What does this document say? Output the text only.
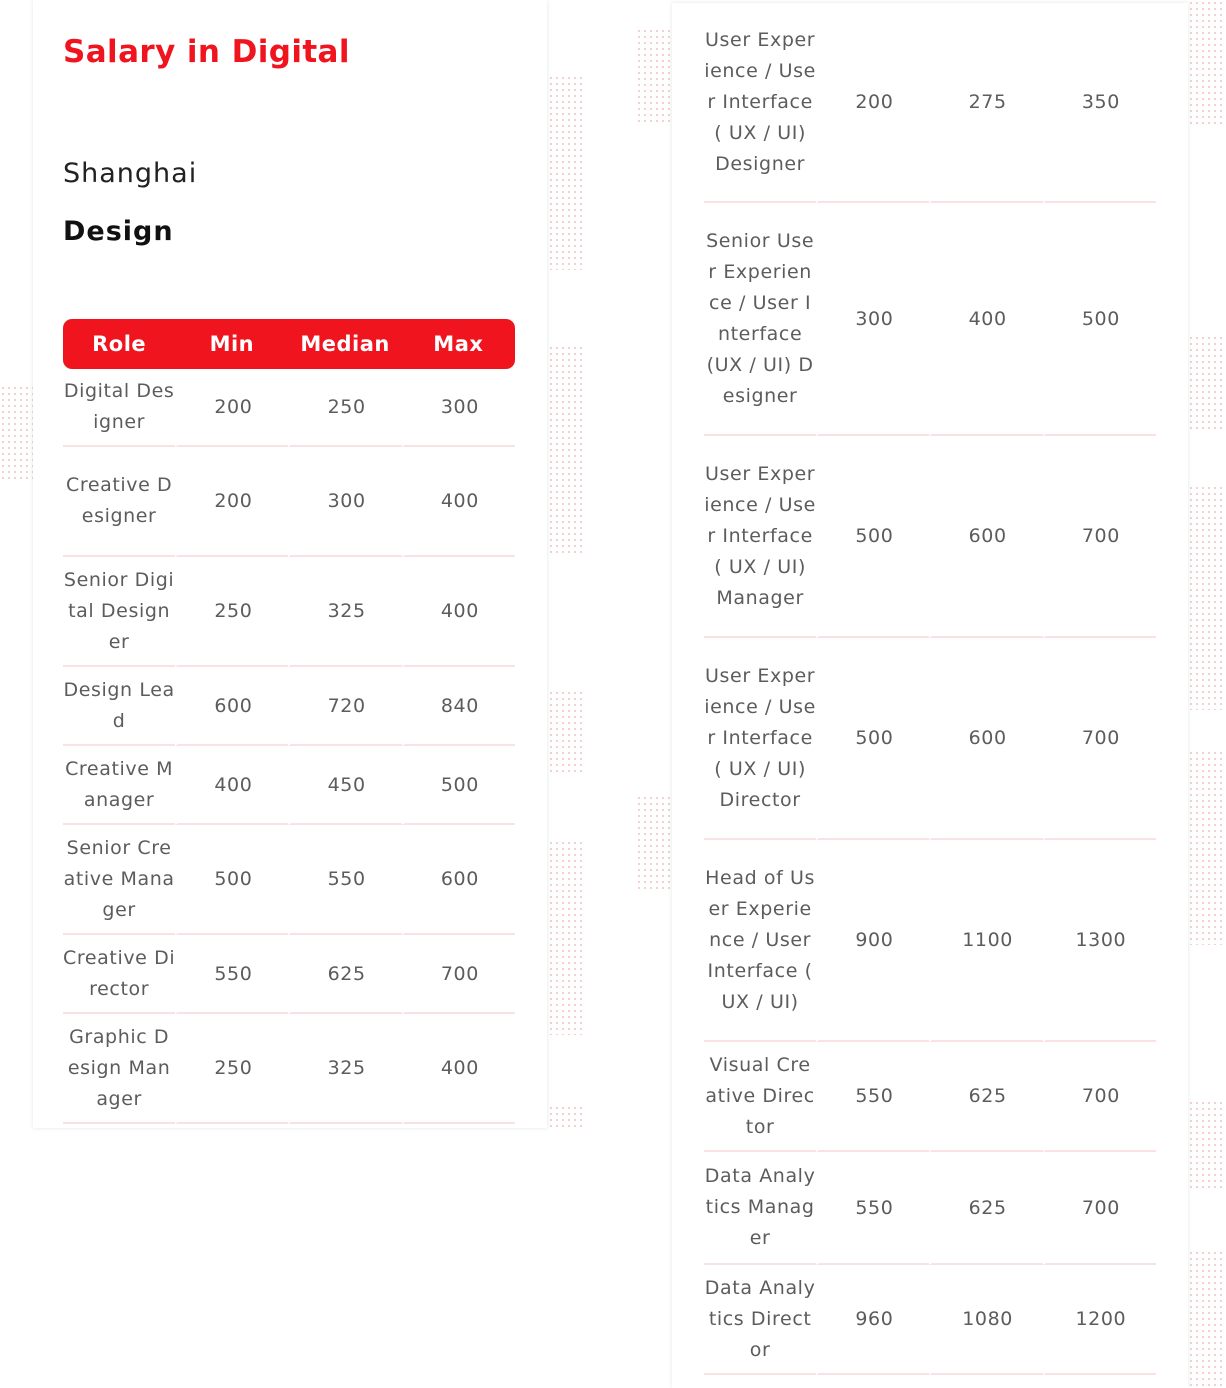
Salary in Digital
Shanghai
Design
Role	Min	Median	Max
Digital Designer	200	250	300
Creative Designer	200	300	400
Senior Digital Designer	250	325	400
Design Lead	600	720	840
Creative Manager	400	450	500
Senior Creative Manager	500	550	600
Creative Director	550	625	700
Graphic Design Manager	250	325	400
User Experience / User Interface ( UX / UI) Designer	200	275	350
Senior User Experience / User Interface (UX / UI) Designer	300	400	500
User Experience / User Interface ( UX / UI) Manager	500	600	700
User Experience / User Interface ( UX / UI) Director	500	600	700
Head of User Experience / User Interface ( UX / UI)	900	1100	1300
Visual Creative Director	550	625	700
Data Analytics Manager	550	625	700
Data Analytics Director	960	1080	1200
